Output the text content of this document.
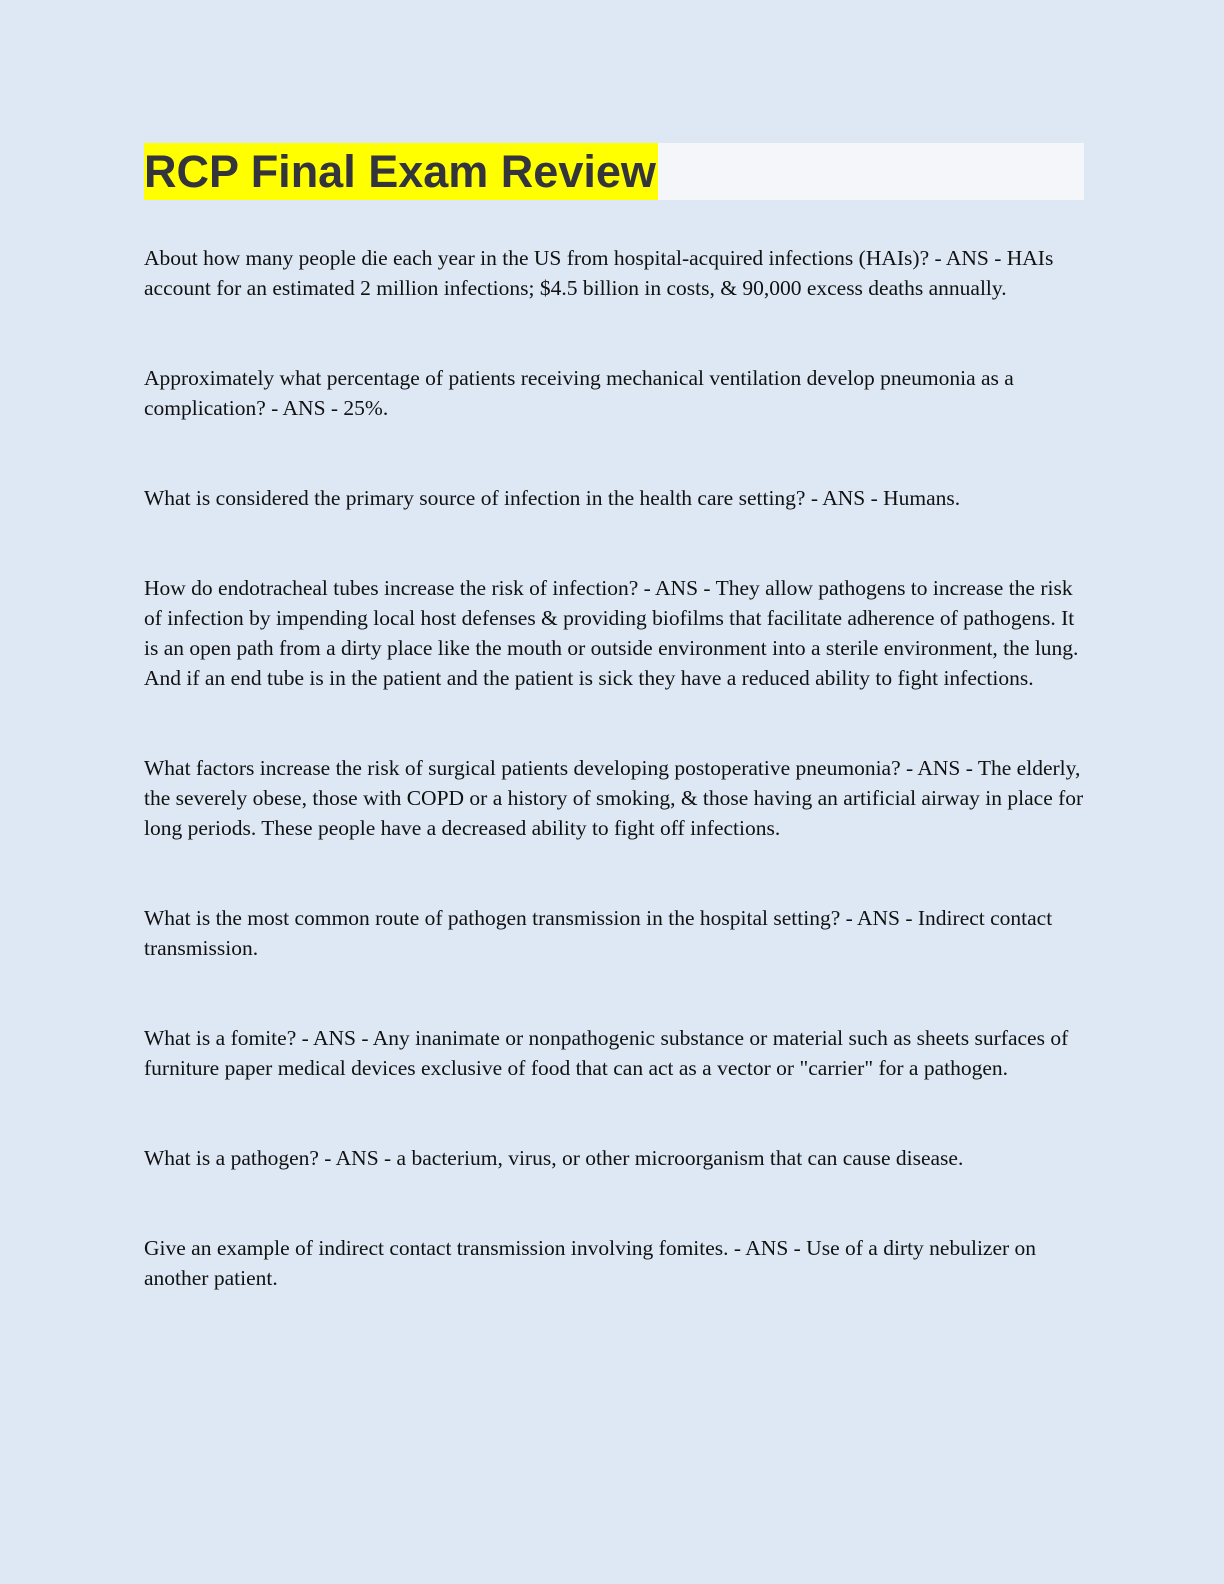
RCP Final Exam Review

About how many people die each year in the US from hospital-acquired infections (HAIs)? - ANS - HAIs account for an estimated 2 million infections; $4.5 billion in costs, & 90,000 excess deaths annually.

Approximately what percentage of patients receiving mechanical ventilation develop pneumonia as a complication? - ANS - 25%.

What is considered the primary source of infection in the health care setting? - ANS - Humans.

How do endotracheal tubes increase the risk of infection? - ANS - They allow pathogens to increase the risk of infection by impending local host defenses & providing biofilms that facilitate adherence of pathogens. It is an open path from a dirty place like the mouth or outside environment into a sterile environment, the lung. And if an end tube is in the patient and the patient is sick they have a reduced ability to fight infections.

What factors increase the risk of surgical patients developing postoperative pneumonia? - ANS - The elderly, the severely obese, those with COPD or a history of smoking, & those having an artificial airway in place for long periods. These people have a decreased ability to fight off infections.

What is the most common route of pathogen transmission in the hospital setting? - ANS - Indirect contact transmission.

What is a fomite? - ANS - Any inanimate or nonpathogenic substance or material such as sheets surfaces of furniture paper medical devices exclusive of food that can act as a vector or "carrier" for a pathogen.

What is a pathogen? - ANS - a bacterium, virus, or other microorganism that can cause disease.

Give an example of indirect contact transmission involving fomites. - ANS - Use of a dirty nebulizer on another patient.
